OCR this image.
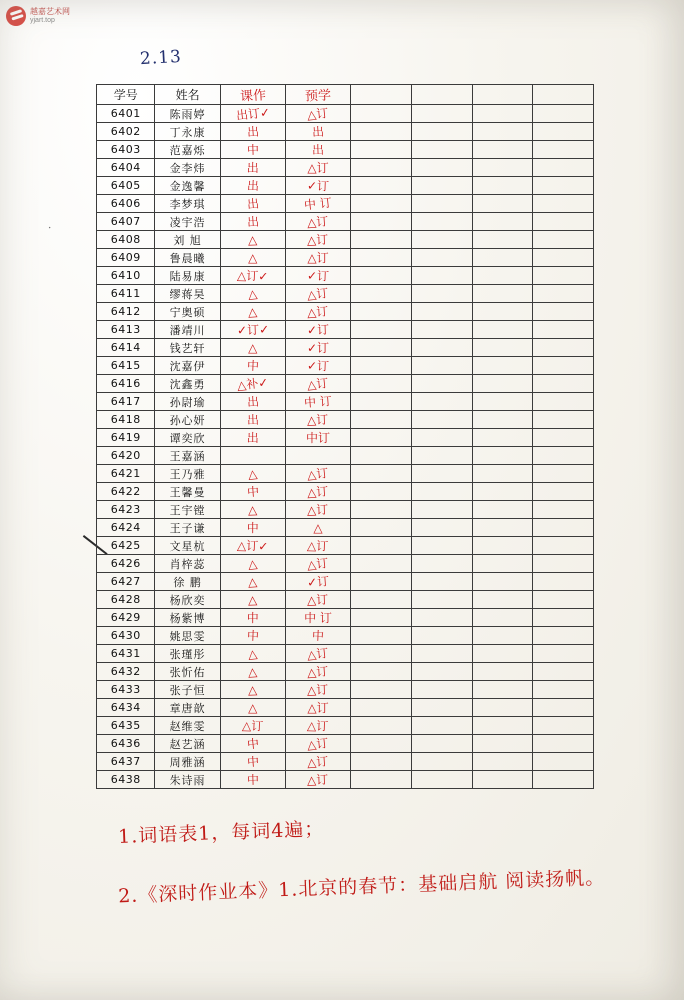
越嘉艺术网
yjart.top
2.13
·
学号	姓名	课作	预学				
6401	陈雨婷	出订✓	△订				
6402	丁永康	出	出				
6403	范嘉烁	中	出				
6404	金李炜	出	△订				
6405	金逸馨	出	✓订				
6406	李梦琪	出	中 订				
6407	凌宇浩	出	△订				
6408	刘 旭	△	△订				
6409	鲁晨曦	△	△订				
6410	陆易康	△订✓	✓订				
6411	缪蒋昊	△	△订				
6412	宁奥硕	△	△订				
6413	潘靖川	✓订✓	✓订				
6414	钱艺轩	△	✓订				
6415	沈嘉伊	中	✓订				
6416	沈鑫勇	△补✓	△订				
6417	孙尉瑜	出	中 订				
6418	孙心妍	出	△订				
6419	谭奕欣	出	中订				
6420	王嘉涵						
6421	王乃雅	△	△订				
6422	王馨曼	中	△订				
6423	王宇镗	△	△订				
6424	王子谦	中	△				
6425	文星杭	△订✓	△订				
6426	肖梓蕊	△	△订				
6427	徐 鹏	△	✓订				
6428	杨欣奕	△	△订				
6429	杨紫博	中	中 订				
6430	姚思雯	中	中				
6431	张瑾彤	△	△订				
6432	张忻佑	△	△订				
6433	张子恒	△	△订				
6434	章唐歆	△	△订				
6435	赵维雯	△订	△订				
6436	赵艺涵	中	△订				
6437	周雅涵	中	△订				
6438	朱诗雨	中	△订				
1.词语表1，每词4遍；
2.《深时作业本》1.北京的春节：基础启航 阅读扬帆。
